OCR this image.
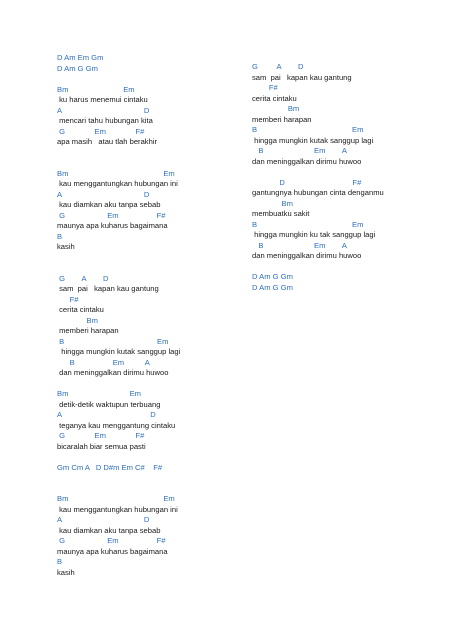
D Am Em Gm
D Am G Gm
Bm                          Em
ku harus menemui cintaku
A                                       D
mencari tahu hubungan kita
G              Em              F#
apa masih   atau tlah berakhir
Bm                                             Em
kau menggantungkan hubungan ini
A                                       D
kau diamkan aku tanpa sebab
G                    Em                  F#
maunya apa kuharus bagaimana
B
kasih
G        A        D
sam  pai   kapan kau gantung
F#
cerita cintaku
Bm
memberi harapan
B                                            Em
hingga mungkin kutak sanggup lagi
B                  Em          A
dan meninggalkan dirimu huwoo
Bm                             Em
detik-detik waktupun terbuang
A                                          D
teganya kau menggantung cintaku
G              Em              F#
bicaralah biar semua pasti
Gm Cm A   D D#m Em C#    F#
Bm                                             Em
kau menggantungkan hubungan ini
A                                       D
kau diamkan aku tanpa sebab
G                    Em                  F#
maunya apa kuharus bagaimana
B
kasih
G         A        D
sam  pai   kapan kau gantung
F#
cerita cintaku
Bm
memberi harapan
B                                             Em
hingga mungkin kutak sanggup lagi
B                        Em        A
dan meninggalkan dirimu huwoo
D                                F#
gantungnya hubungan cinta denganmu
Bm
membuatku sakit
B                                             Em
hingga mungkin ku tak sanggup lagi
B                        Em        A
dan meninggalkan dirimu huwoo
D Am G Gm
D Am G Gm
